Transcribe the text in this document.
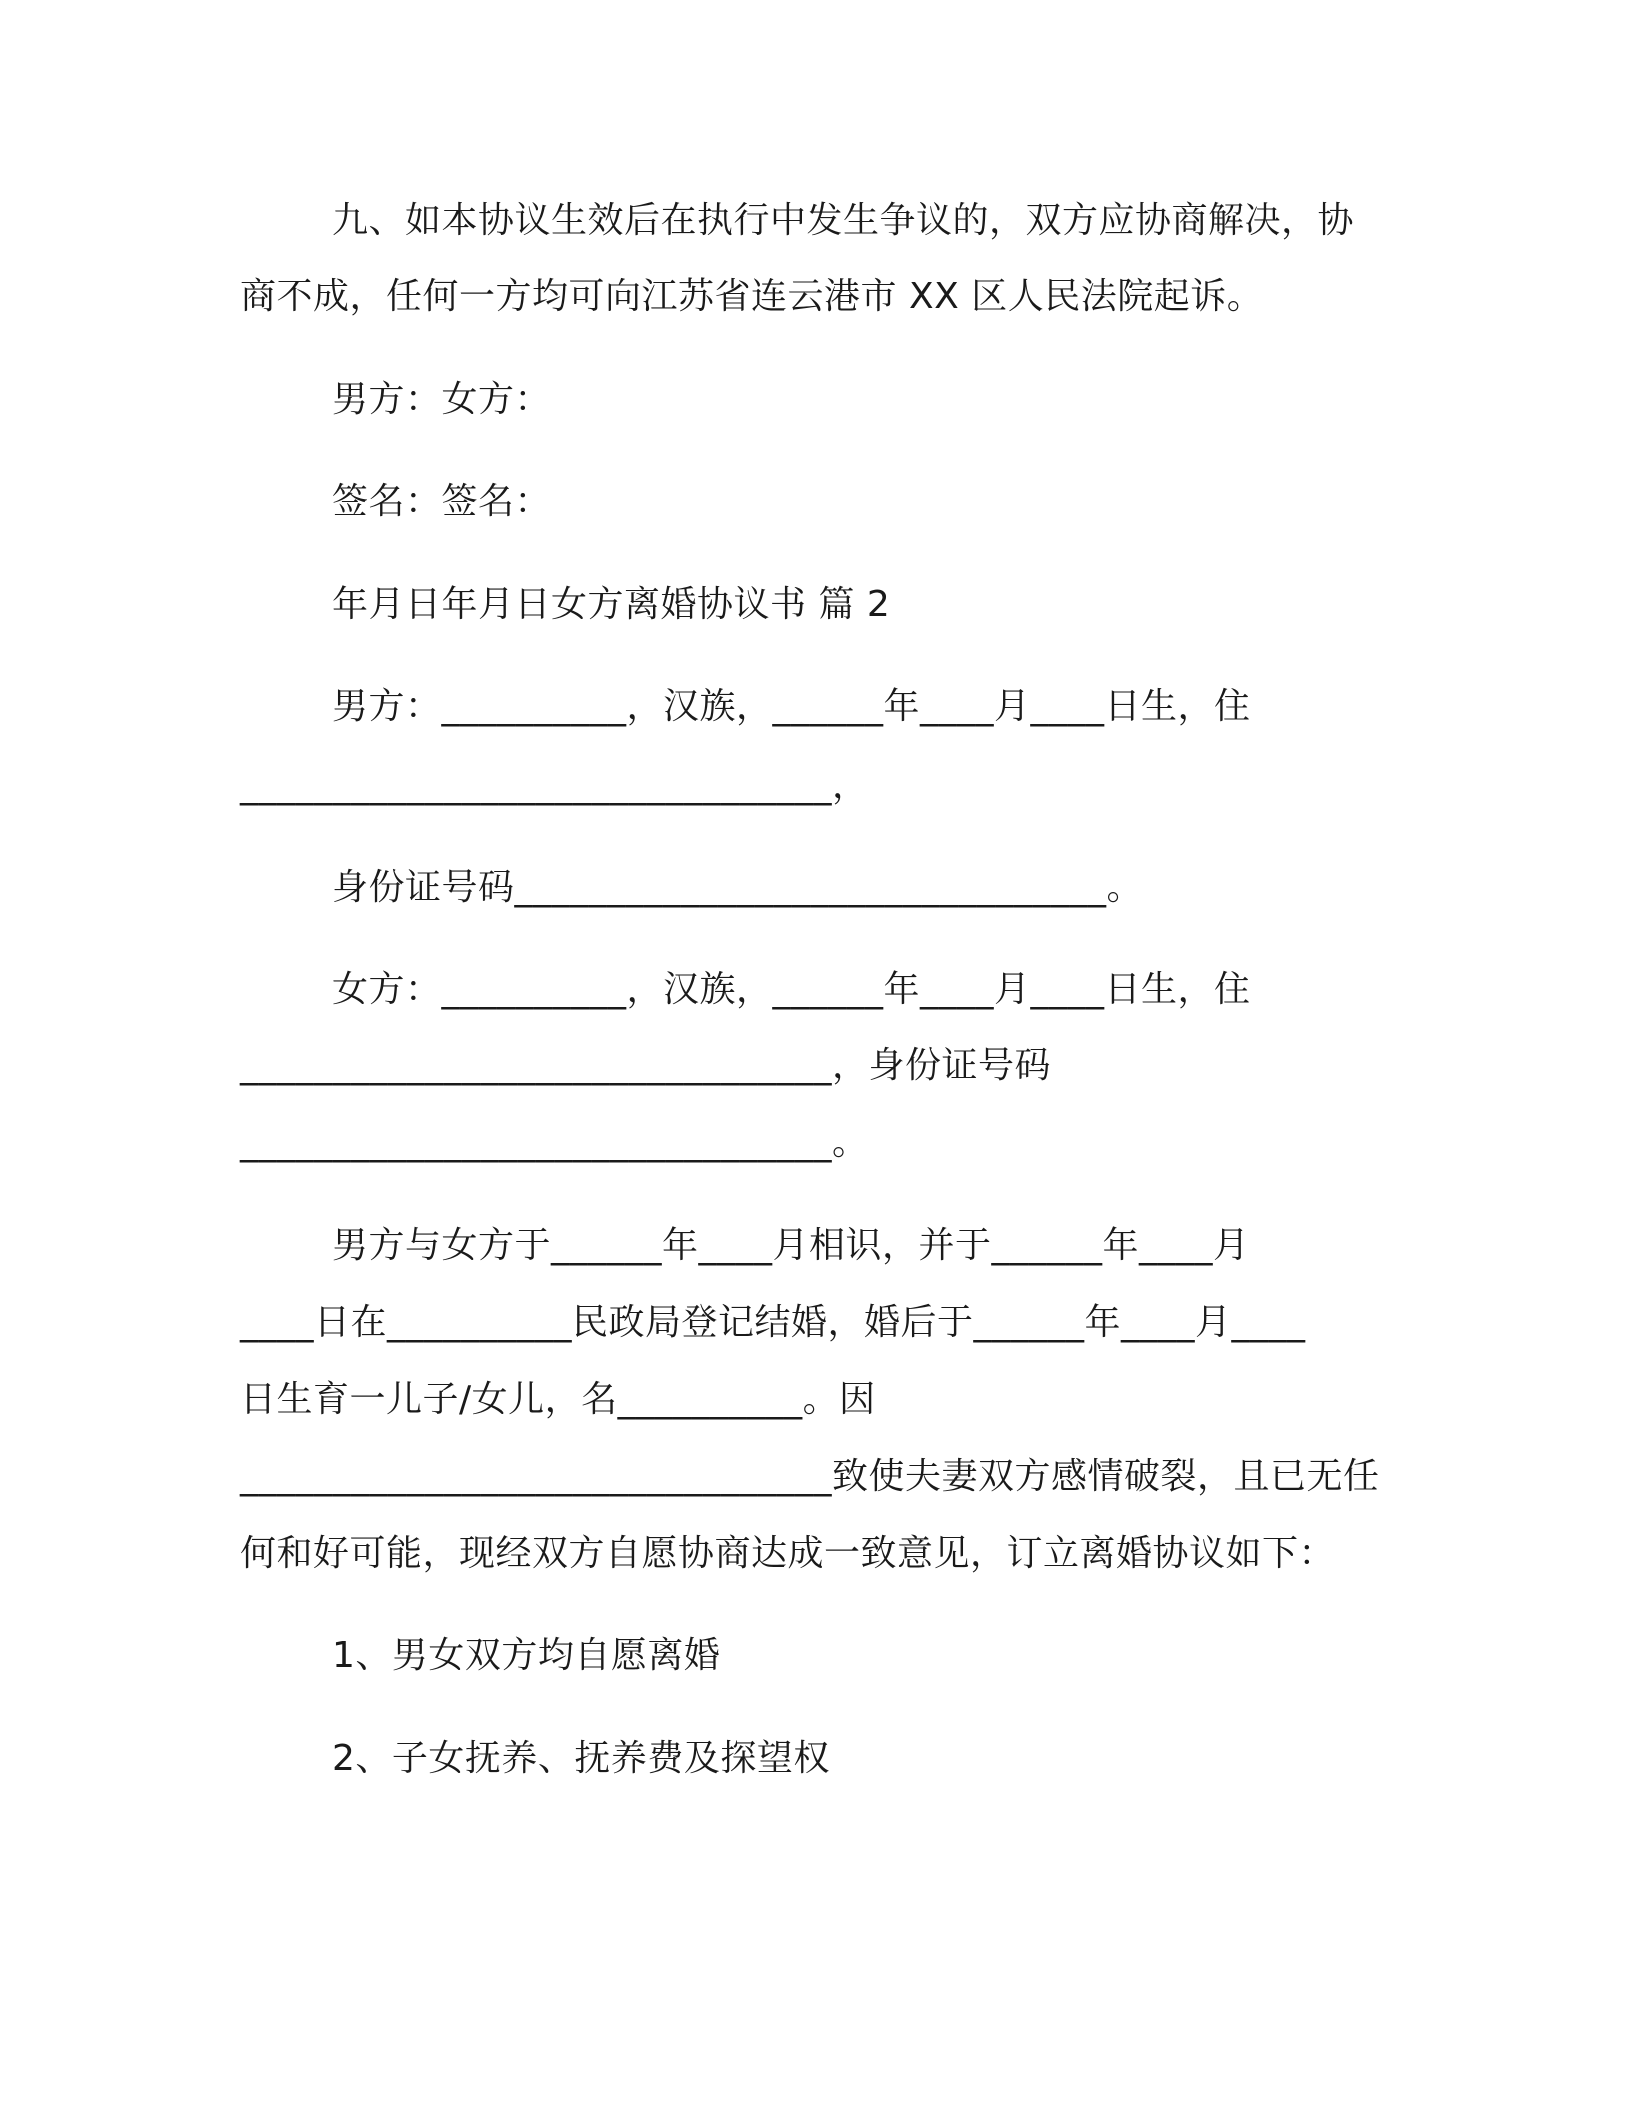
九、如本协议生效后在执行中发生争议的，双方应协商解决，协
商不成，任何一方均可向江苏省连云港市 XX 区人民法院起诉。
男方：女方：
签名：签名：
年月日年月日女方离婚协议书 篇 2
男方：__________，汉族，______年____月____日生，住
________________________________，
身份证号码________________________________。
女方：__________，汉族，______年____月____日生，住
________________________________，身份证号码
________________________________。
男方与女方于______年____月相识，并于______年____月
____日在__________民政局登记结婚，婚后于______年____月____
日生育一儿子/女儿，名__________。因
________________________________致使夫妻双方感情破裂，且已无任
何和好可能，现经双方自愿协商达成一致意见，订立离婚协议如下：
1、男女双方均自愿离婚
2、子女抚养、抚养费及探望权
